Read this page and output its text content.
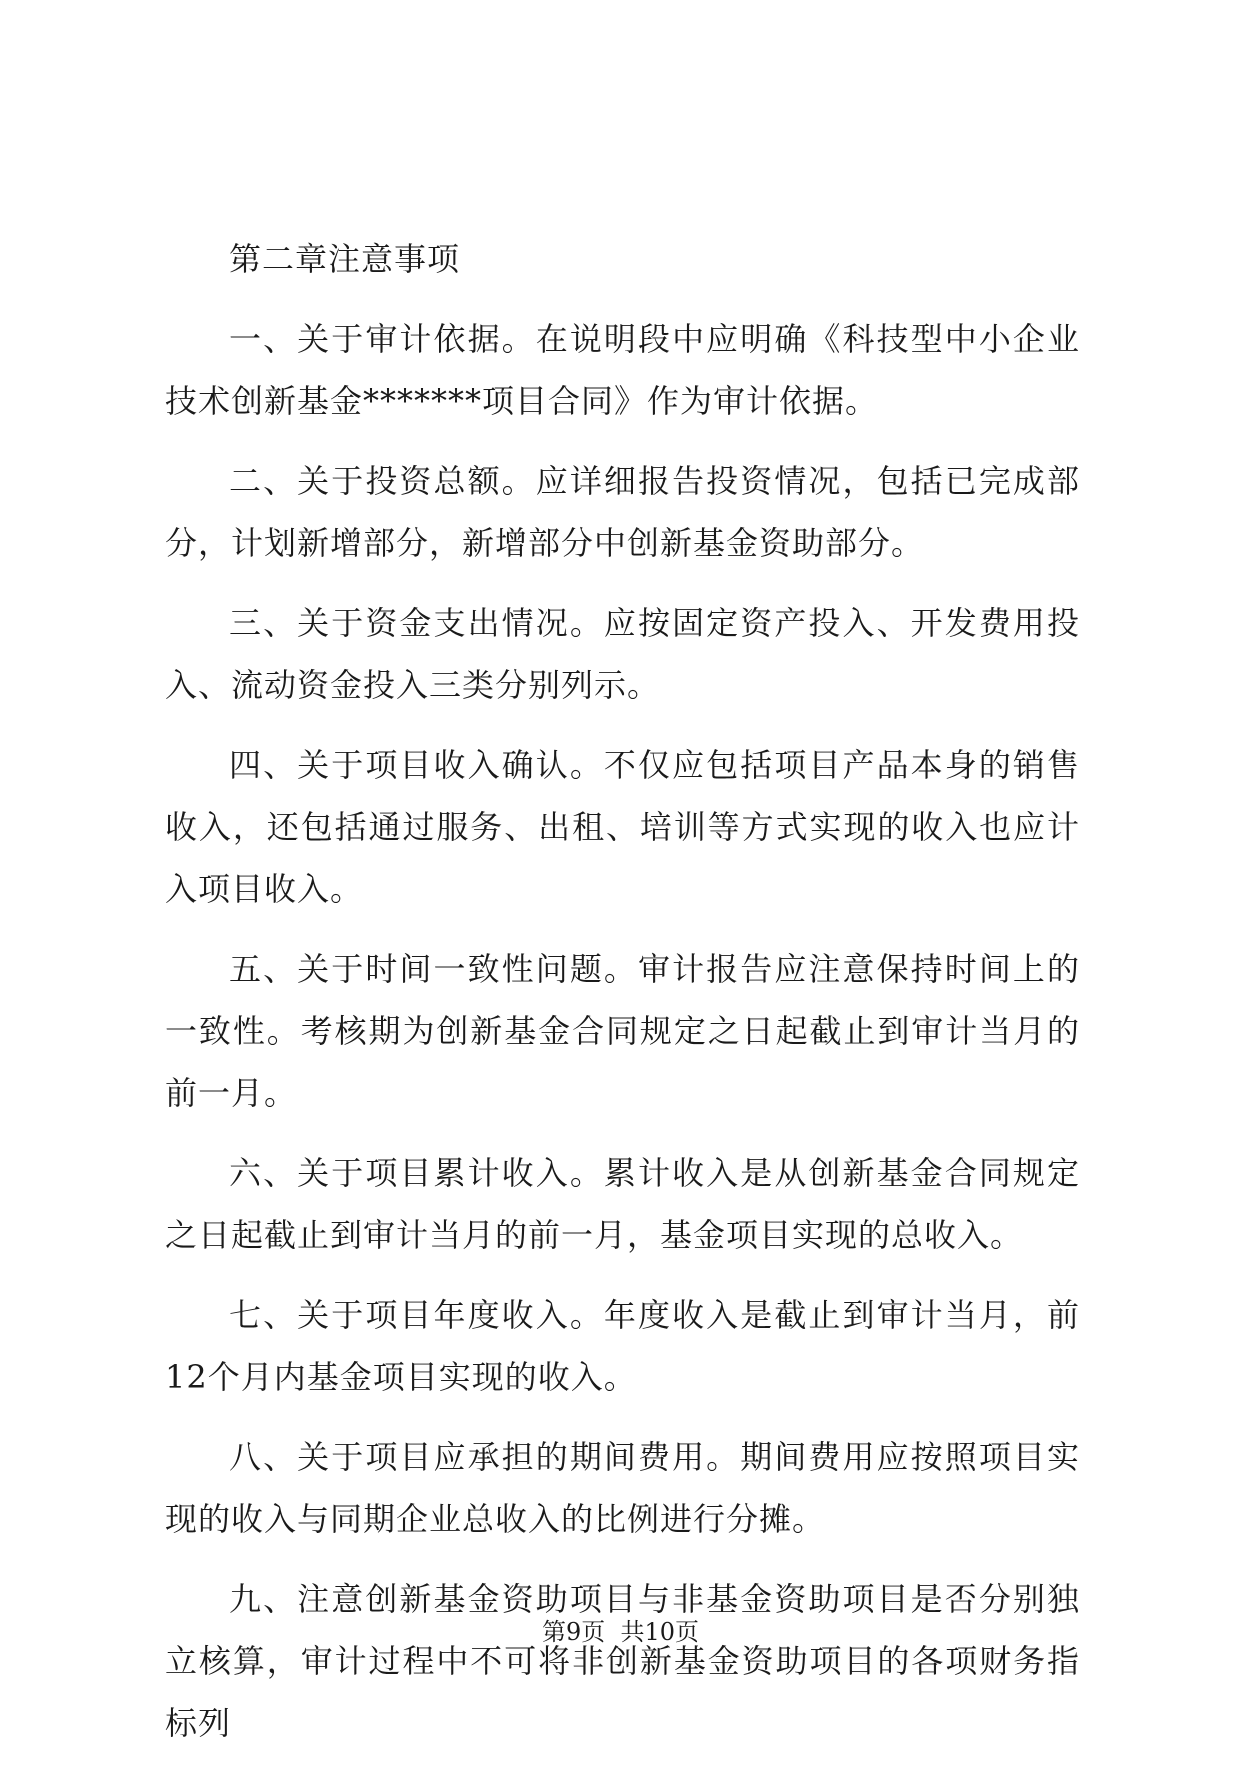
第二章注意事项

一、关于审计依据。在说明段中应明确《科技型中小企业技术创新基金*******项目合同》作为审计依据。

二、关于投资总额。应详细报告投资情况，包括已完成部分，计划新增部分，新增部分中创新基金资助部分。

三、关于资金支出情况。应按固定资产投入、开发费用投入、流动资金投入三类分别列示。

四、关于项目收入确认。不仅应包括项目产品本身的销售收入，还包括通过服务、出租、培训等方式实现的收入也应计入项目收入。

五、关于时间一致性问题。审计报告应注意保持时间上的一致性。考核期为创新基金合同规定之日起截止到审计当月的前一月。

六、关于项目累计收入。累计收入是从创新基金合同规定之日起截止到审计当月的前一月，基金项目实现的总收入。

七、关于项目年度收入。年度收入是截止到审计当月，前12个月内基金项目实现的收入。

八、关于项目应承担的期间费用。期间费用应按照项目实现的收入与同期企业总收入的比例进行分摊。

九、注意创新基金资助项目与非基金资助项目是否分别独立核算，审计过程中不可将非创新基金资助项目的各项财务指标列

第9页  共10页
